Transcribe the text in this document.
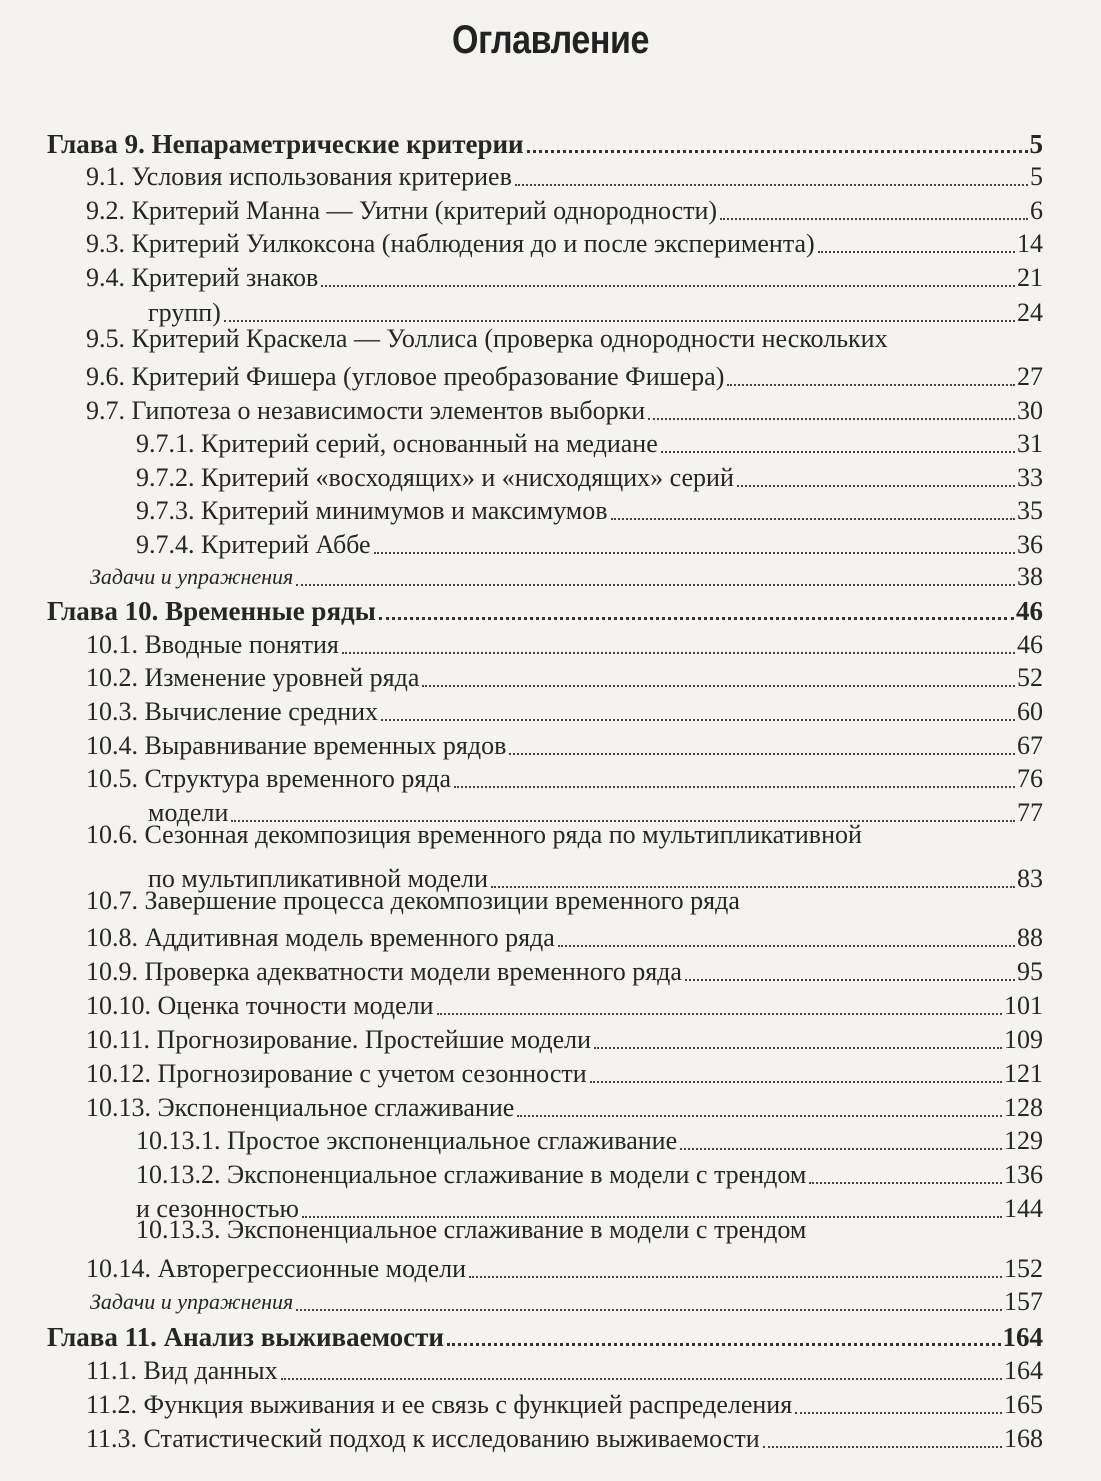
Оглавление
Глава 9. Непараметрические критерии	5
9.1. Условия использования критериев	5
9.2. Критерий Манна — Уитни (критерий однородности)	6
9.3. Критерий Уилкоксона (наблюдения до и после эксперимента)	14
9.4. Критерий знаков	21
9.5. Критерий Краскела — Уоллиса (проверка однородности нескольких
групп)	24
9.6. Критерий Фишера (угловое преобразование Фишера)	27
9.7. Гипотеза о независимости элементов выборки	30
9.7.1. Критерий серий, основанный на медиане	31
9.7.2. Критерий «восходящих» и «нисходящих» серий	33
9.7.3. Критерий минимумов и максимумов	35
9.7.4. Критерий Аббе	36
Задачи и упражнения	38
Глава 10. Временные ряды	46
10.1. Вводные понятия	46
10.2. Изменение уровней ряда	52
10.3. Вычисление средних	60
10.4. Выравнивание временных рядов	67
10.5. Структура временного ряда	76
10.6. Сезонная декомпозиция временного ряда по мультипликативной
модели	77
10.7. Завершение процесса декомпозиции временного ряда
по мультипликативной модели	83
10.8. Аддитивная модель временного ряда	88
10.9. Проверка адекватности модели временного ряда	95
10.10. Оценка точности модели	101
10.11. Прогнозирование. Простейшие модели	109
10.12. Прогнозирование с учетом сезонности	121
10.13. Экспоненциальное сглаживание	128
10.13.1. Простое экспоненциальное сглаживание	129
10.13.2. Экспоненциальное сглаживание в модели с трендом	136
10.13.3. Экспоненциальное сглаживание в модели с трендом
и сезонностью	144
10.14. Авторегрессионные модели	152
Задачи и упражнения	157
Глава 11. Анализ выживаемости	164
11.1. Вид данных	164
11.2. Функция выживания и ее связь с функцией распределения	165
11.3. Статистический подход к исследованию выживаемости	168
